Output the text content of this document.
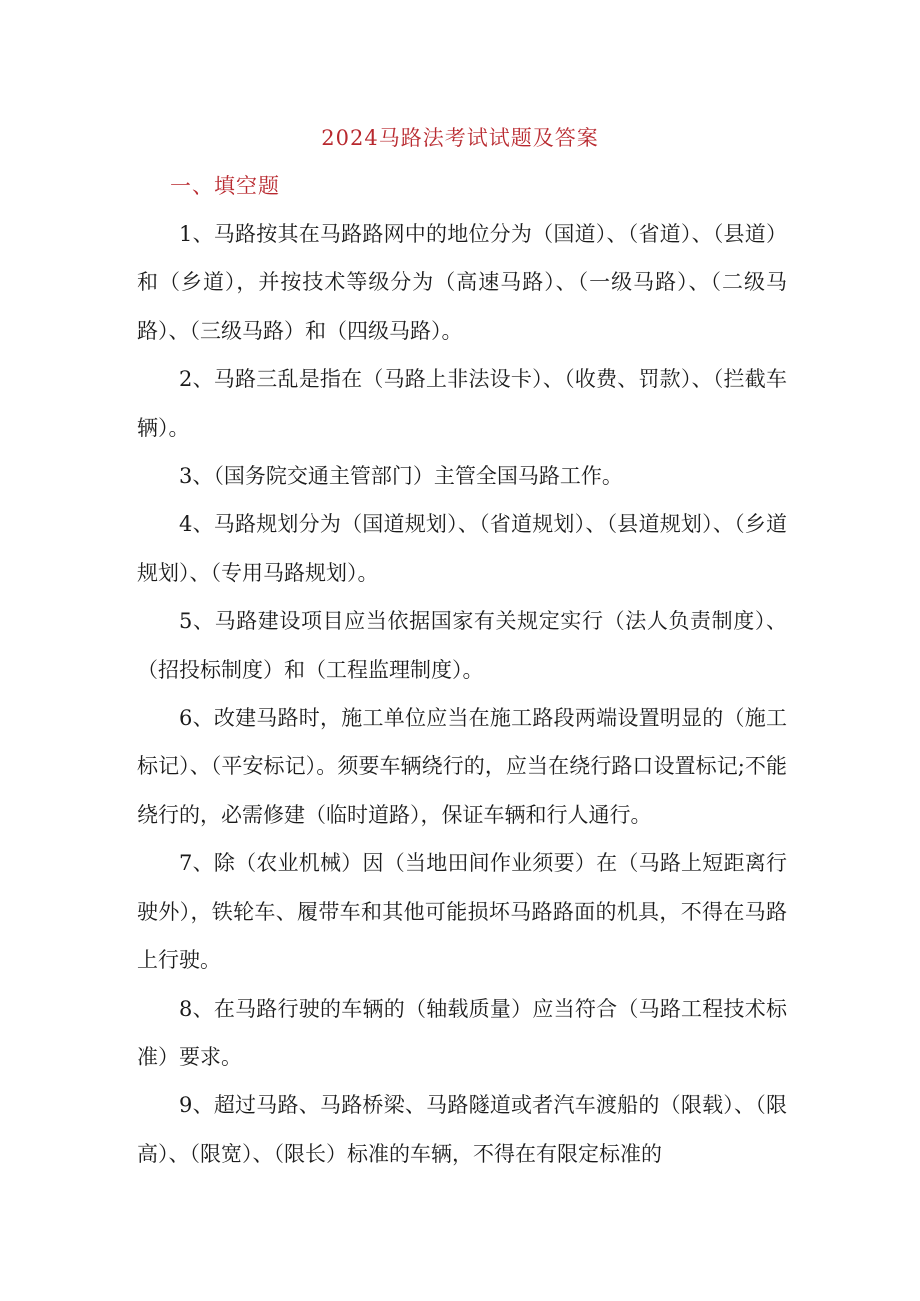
2024马路法考试试题及答案
一、填空题

1、马路按其在马路路网中的地位分为（国道）、（省道）、（县道）和（乡道），并按技术等级分为（高速马路）、（一级马路）、（二级马路）、（三级马路）和（四级马路）。

2、马路三乱是指在（马路上非法设卡）、（收费、罚款）、（拦截车辆）。

3、（国务院交通主管部门）主管全国马路工作。

4、马路规划分为（国道规划）、（省道规划）、（县道规划）、（乡道规划）、（专用马路规划）。

5、马路建设项目应当依据国家有关规定实行（法人负责制度）、（招投标制度）和（工程监理制度）。

6、改建马路时，施工单位应当在施工路段两端设置明显的（施工标记）、（平安标记）。须要车辆绕行的，应当在绕行路口设置标记;不能绕行的，必需修建（临时道路），保证车辆和行人通行。

7、除（农业机械）因（当地田间作业须要）在（马路上短距离行驶外），铁轮车、履带车和其他可能损坏马路路面的机具，不得在马路上行驶。

8、在马路行驶的车辆的（轴载质量）应当符合（马路工程技术标准）要求。

9、超过马路、马路桥梁、马路隧道或者汽车渡船的（限载）、（限高）、（限宽）、（限长）标准的车辆，不得在有限定标准的
